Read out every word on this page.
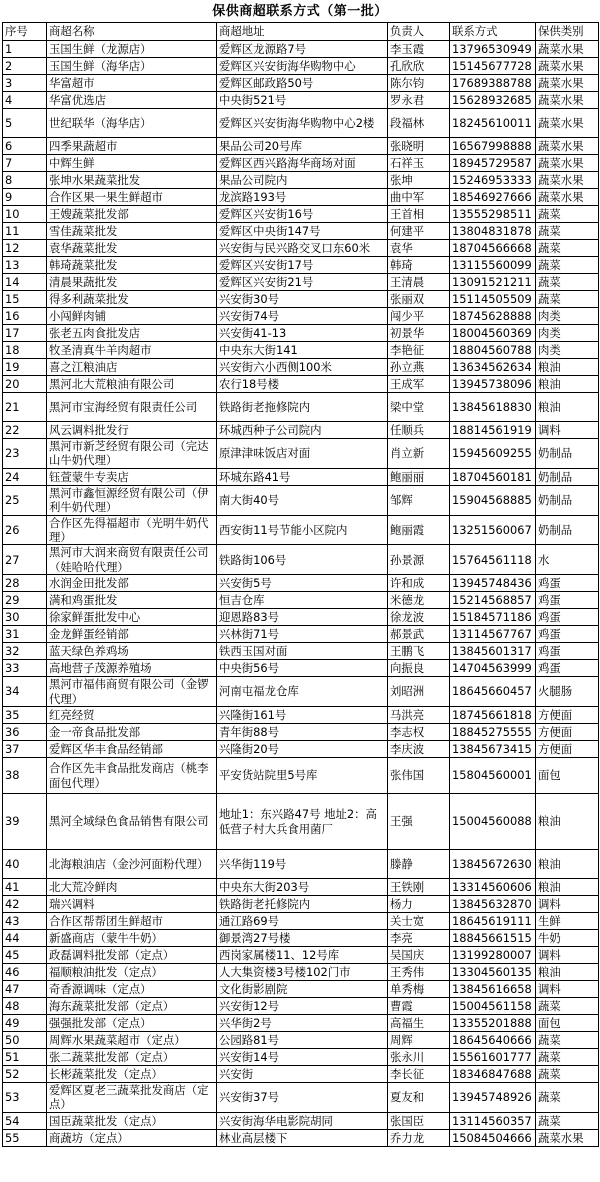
保供商超联系方式（第一批）
序号	商超名称	商超地址	负责人	联系方式	保供类别
1	玉国生鲜（龙源店）	爱辉区龙源路7号	李玉霞	13796530949	蔬菜水果
2	玉国生鲜（海华店）	爱辉区兴安街海华购物中心	孔欣欣	15145677728	蔬菜水果
3	华富超市	爱辉区邮政路50号	陈尔钧	17689388788	蔬菜水果
4	华富优选店	中央街521号	罗永君	15628932685	蔬菜水果
5	世纪联华（海华店）	爱辉区兴安街海华购物中心2楼	段福林	18245610011	蔬菜水果
6	四季果蔬超市	果品公司20号库	张晓明	16567998888	蔬菜水果
7	中辉生鲜	爱辉区西兴路海华商场对面	石祥玉	18945729587	蔬菜水果
8	张坤水果蔬菜批发	果品公司院内	张坤	15246953333	蔬菜水果
9	合作区果一果生鲜超市	龙滨路193号	曲中军	18546927666	蔬菜水果
10	王嫂蔬菜批发部	爱辉区兴安街16号	王首相	13555298511	蔬菜
11	雪佳蔬菜批发	爱辉区中央街147号	何建平	13804831878	蔬菜
12	袁华蔬菜批发	兴安街与民兴路交叉口东60米	袁华	18704566668	蔬菜
13	韩琦蔬菜批发	爱辉区兴安街17号	韩琦	13115560099	蔬菜
14	清晨果蔬批发	爱辉区兴安街21号	王清晨	13091521211	蔬菜
15	得多利蔬菜批发	兴安街30号	张丽双	15114505509	蔬菜
16	小闯鲜肉铺	兴安街74号	闯少平	18745628888	肉类
17	张老五肉食批发店	兴安街41-13	初景华	18004560369	肉类
18	牧圣清真牛羊肉超市	中央东大街141	李艳征	18804560788	肉类
19	喜之江粮油店	兴安街六小西侧100米	孙立燕	13634562634	粮油
20	黑河北大荒粮油有限公司	农行18号楼	王成军	13945738096	粮油
21	黑河市宝海经贸有限责任公司	铁路街老拖修院内	梁中堂	13845618830	粮油
22	风云调料批发行	环城西种子公司院内	任顺兵	18814561919	调料
23	黑河市新芝经贸有限公司（完达山牛奶代理）	原津津味饭店对面	肖立新	15945609255	奶制品
24	钰萱蒙牛专卖店	环城东路41号	鲍丽丽	18704560181	奶制品
25	黑河市鑫恒源经贸有限公司（伊利牛奶代理）	南大街40号	邹辉	15904568885	奶制品
26	合作区先得福超市（光明牛奶代理）	西安街11号节能小区院内	鲍丽霞	13251560067	奶制品
27	黑河市大润来商贸有限责任公司（娃哈哈代理）	铁路街106号	孙景源	15764561118	水
28	水润金田批发部	兴安街5号	许和成	13945748436	鸡蛋
29	满和鸡蛋批发	恒吉仓库	米德龙	15214568857	鸡蛋
30	徐家鲜蛋批发中心	迎恩路83号	徐龙波	15184571186	鸡蛋
31	金龙鲜蛋经销部	兴林街71号	郝景武	13114567767	鸡蛋
32	蓝天绿色养鸡场	铁西玉国对面	王鹏飞	13845601317	鸡蛋
33	高地营子茂源养殖场	中央街56号	向振良	14704563999	鸡蛋
34	黑河市福伟商贸有限公司（金锣代理）	河南屯福龙仓库	刘昭洲	18645660457	火腿肠
35	红亮经贸	兴隆街161号	马洪亮	18745661818	方便面
36	金一帝食品批发部	青年街88号	李志权	18845275555	方便面
37	爱辉区华丰食品经销部	兴隆街20号	李庆波	13845673415	方便面
38	合作区先丰食品批发商店（桃李面包代理）	平安货站院里5号库	张伟国	15804560001	面包
39	黑河全域绿色食品销售有限公司	地址1：东兴路47号 地址2：高低营子村大兵食用菌厂	王强	15004560088	粮油
40	北海粮油店（金沙河面粉代理）	兴华街119号	滕静	13845672630	粮油
41	北大荒冷鲜肉	中央东大街203号	王铁刚	13314560606	粮油
42	瑞兴调料	铁路街老托修院内	杨力	13845632870	调料
43	合作区帮帮团生鲜超市	通江路69号	关士宽	18645619111	生鲜
44	新盛商店（蒙牛牛奶）	御景湾27号楼	李亮	18845661515	牛奶
45	政磊调料批发部（定点）	西岗家属楼11、12号库	吴国庆	13199280007	调料
46	福顺粮油批发（定点）	人大集资楼3号楼102门市	王秀伟	13304560135	粮油
47	奇香源调味（定点）	文化街影剧院	单秀梅	13845616658	调料
48	海东蔬菜批发部（定点）	兴安街12号	曹霞	15004561158	蔬菜
49	强强批发部（定点）	兴华街2号	高福生	13355201888	面包
50	周辉水果蔬菜超市（定点）	公园路81号	周辉	18645640666	蔬菜
51	张二蔬菜批发部（定点）	兴安街14号	张永川	15561601777	蔬菜
52	长彬蔬菜批发（定点）	兴安街	李长征	18346847688	蔬菜
53	爱辉区夏老三蔬菜批发商店（定点）	兴安街37号	夏友和	13945748926	蔬菜
54	国臣蔬菜批发（定点）	兴安街海华电影院胡同	张国臣	13114560357	蔬菜
55	商蔬坊（定点）	林业高层楼下	乔力龙	15084504666	蔬菜水果
